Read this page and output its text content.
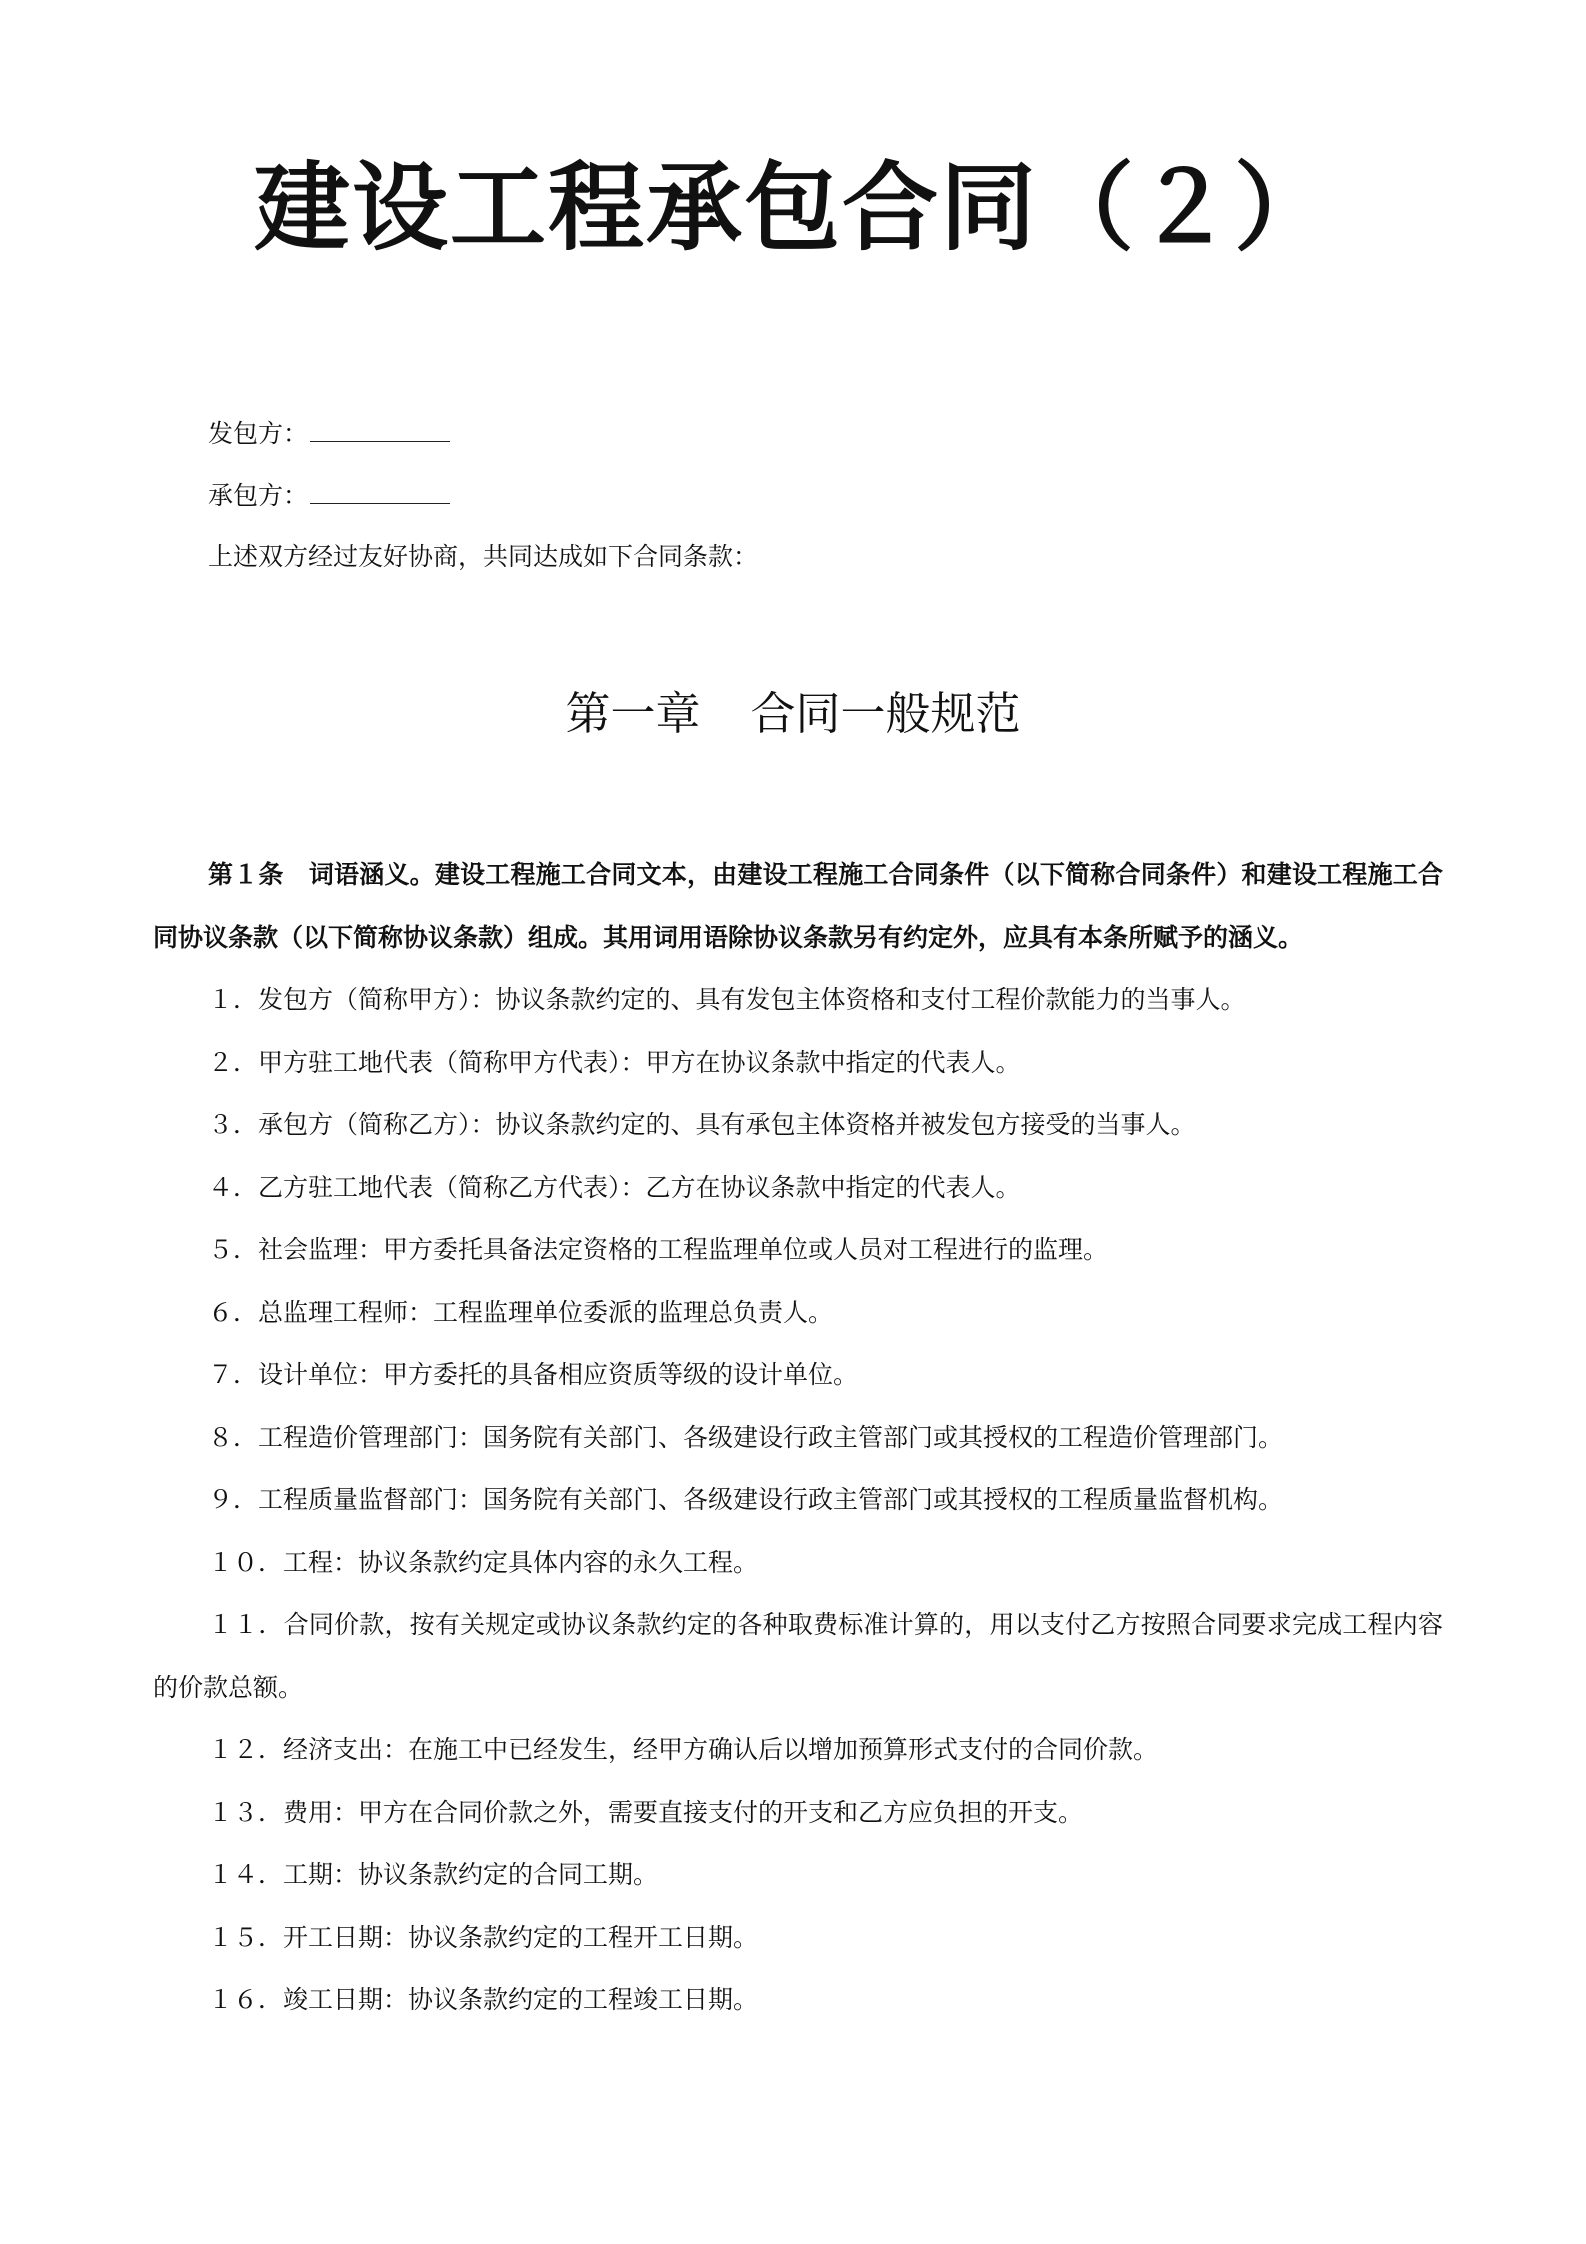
建设工程承包合同（２）
发包方：
承包方：
上述双方经过友好协商，共同达成如下合同条款：
第一章 合同一般规范

第１条　词语涵义。建设工程施工合同文本，由建设工程施工合同条件（以下简称合同条件）和建设工程施工合同协议条款（以下简称协议条款）组成。其用词用语除协议条款另有约定外，应具有本条所赋予的涵义。

１．发包方（简称甲方）：协议条款约定的、具有发包主体资格和支付工程价款能力的当事人。

２．甲方驻工地代表（简称甲方代表）：甲方在协议条款中指定的代表人。

３．承包方（简称乙方）：协议条款约定的、具有承包主体资格并被发包方接受的当事人。

４．乙方驻工地代表（简称乙方代表）：乙方在协议条款中指定的代表人。

５．社会监理：甲方委托具备法定资格的工程监理单位或人员对工程进行的监理。

６．总监理工程师：工程监理单位委派的监理总负责人。

７．设计单位：甲方委托的具备相应资质等级的设计单位。

８．工程造价管理部门：国务院有关部门、各级建设行政主管部门或其授权的工程造价管理部门。

９．工程质量监督部门：国务院有关部门、各级建设行政主管部门或其授权的工程质量监督机构。

１０．工程：协议条款约定具体内容的永久工程。

１１．合同价款，按有关规定或协议条款约定的各种取费标准计算的，用以支付乙方按照合同要求完成工程内容的价款总额。

１２．经济支出：在施工中已经发生，经甲方确认后以增加预算形式支付的合同价款。

１３．费用：甲方在合同价款之外，需要直接支付的开支和乙方应负担的开支。

１４．工期：协议条款约定的合同工期。

１５．开工日期：协议条款约定的工程开工日期。

１６．竣工日期：协议条款约定的工程竣工日期。
